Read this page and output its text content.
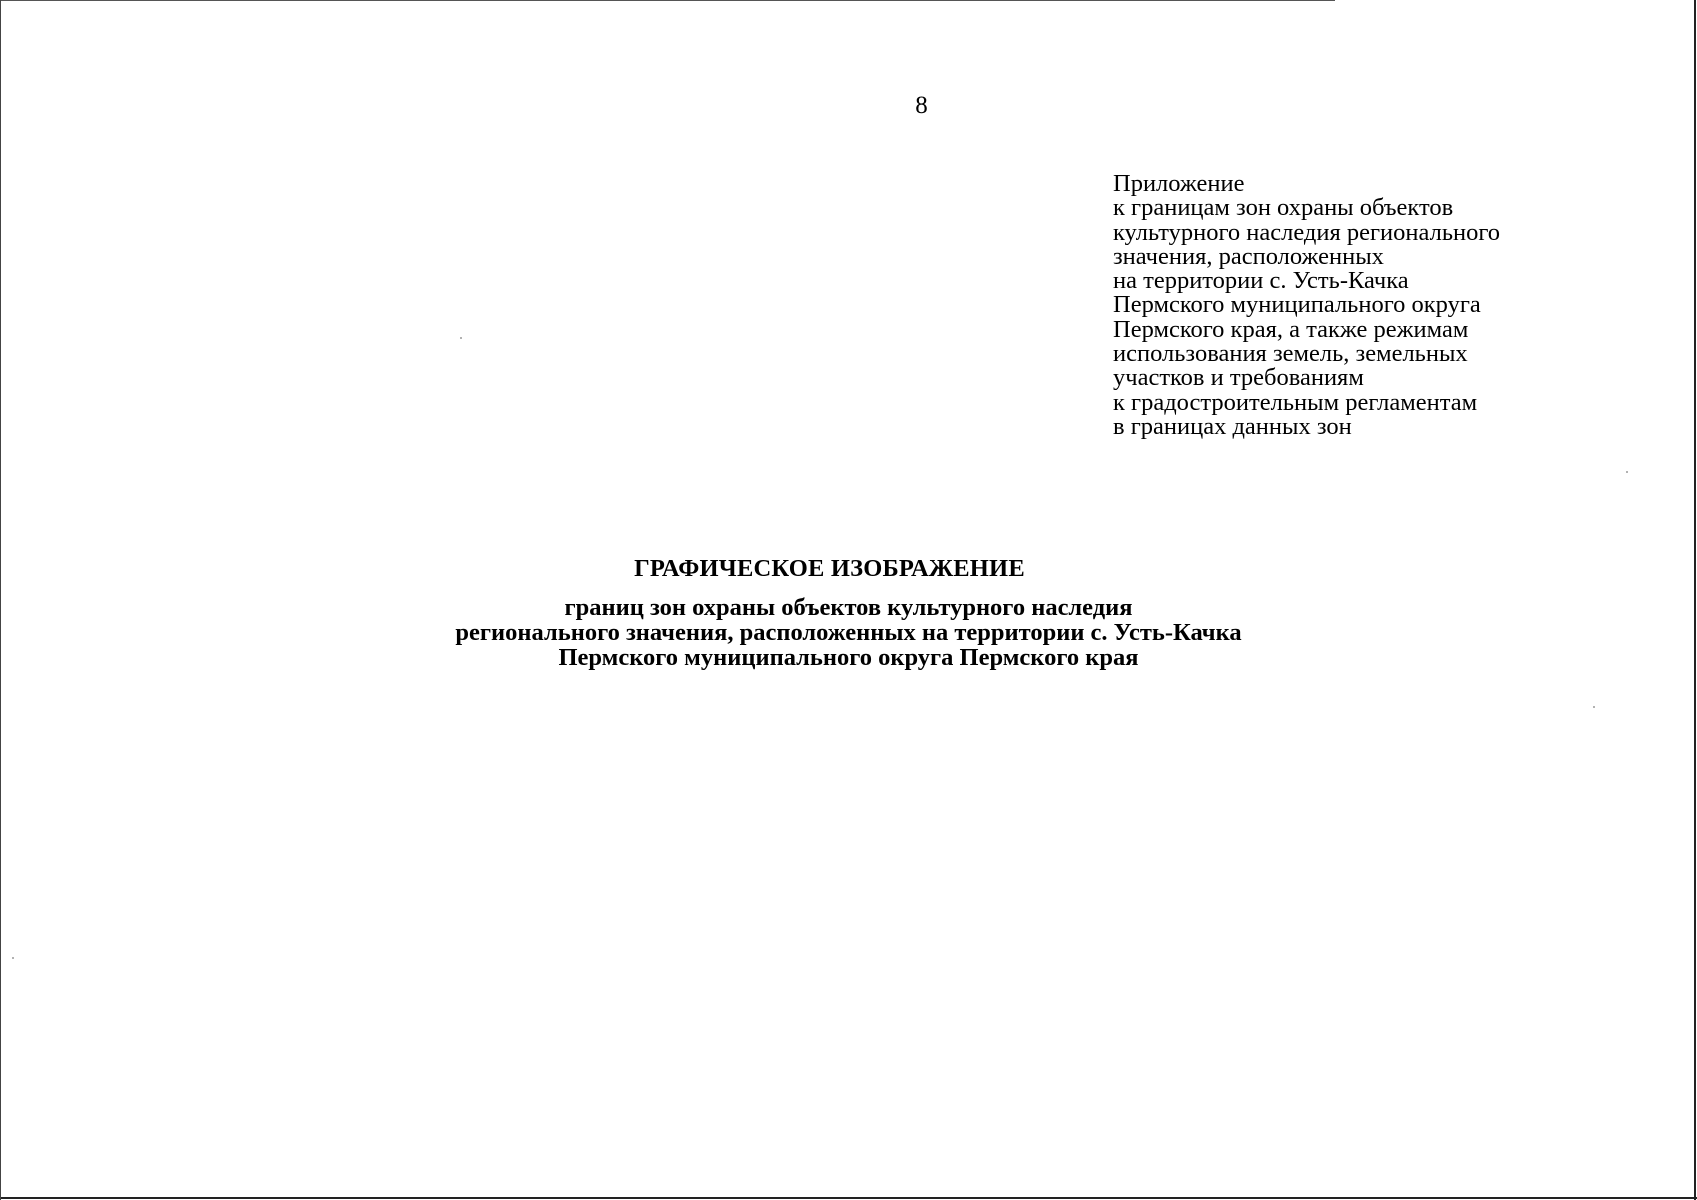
8
Приложение
к границам зон охраны объектов
культурного наследия регионального
значения, расположенных
на территории с. Усть-Качка
Пермского муниципального округа
Пермского края, а также режимам
использования земель, земельных
участков и требованиям
к градостроительным регламентам
в границах данных зон
ГРАФИЧЕСКОЕ ИЗОБРАЖЕНИЕ
границ зон охраны объектов культурного наследия
регионального значения, расположенных на территории с. Усть-Качка
Пермского муниципального округа Пермского края
